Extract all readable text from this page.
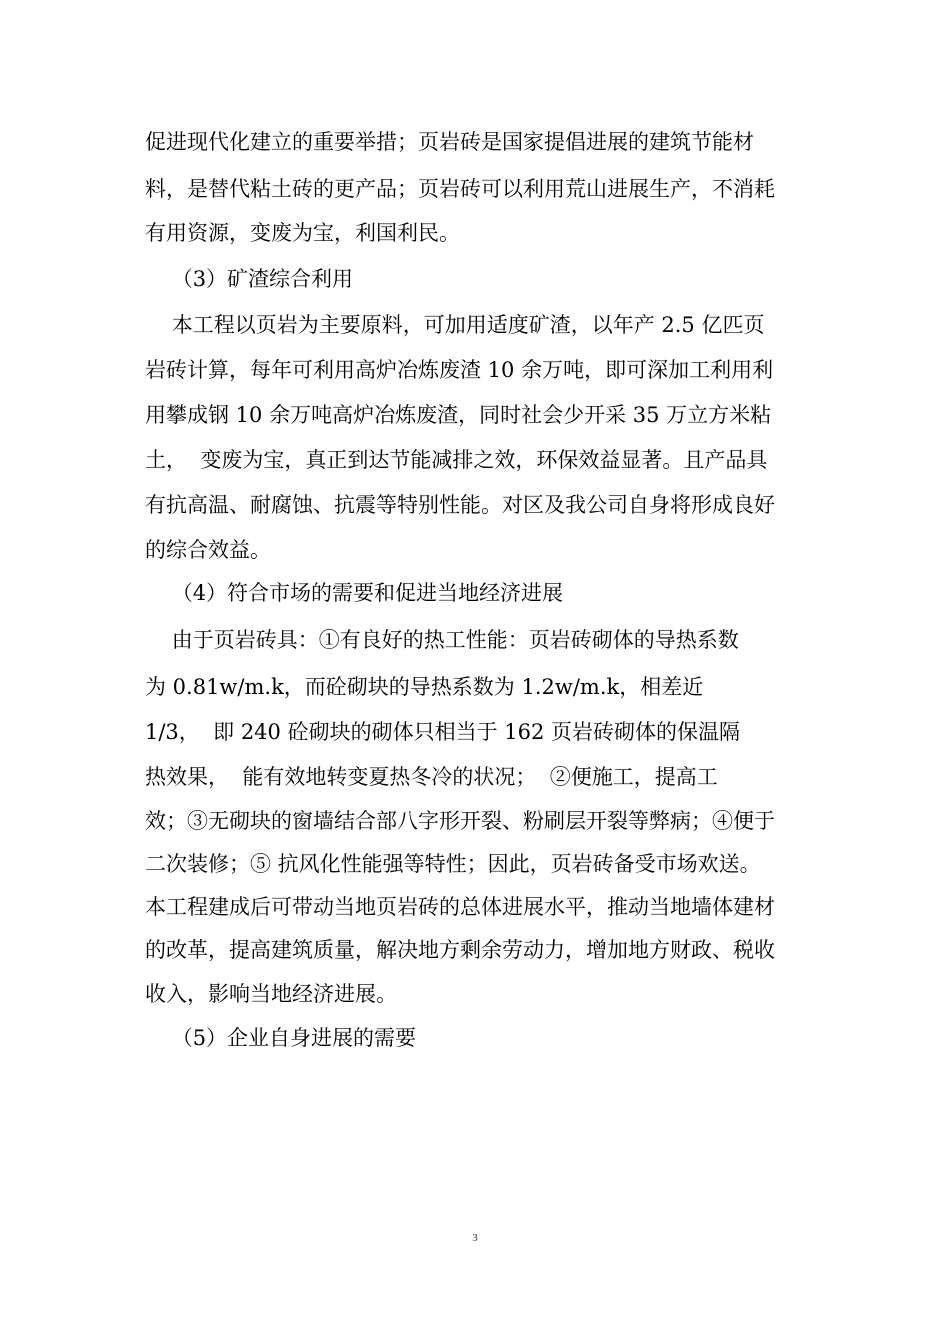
促进现代化建立的重要举措；页岩砖是国家提倡进展的建筑节能材
料，是替代粘土砖的更产品；页岩砖可以利用荒山进展生产，不消耗
有用资源，变废为宝，利国利民。
（3）矿渣综合利用
本工程以页岩为主要原料，可加用适度矿渣，以年产 2.5 亿匹页
岩砖计算，每年可利用高炉冶炼废渣 10 余万吨，即可深加工利用利
用攀成钢 10 余万吨高炉冶炼废渣，同时社会少开采 35 万立方米粘
土，  变废为宝，真正到达节能减排之效，环保效益显著。且产品具
有抗高温、耐腐蚀、抗震等特别性能。对区及我公司自身将形成良好
的综合效益。
（4）符合市场的需要和促进当地经济进展
由于页岩砖具：①有良好的热工性能：页岩砖砌体的导热系数
为 0.81w/m.k，而砼砌块的导热系数为 1.2w/m.k，相差近
1/3，  即 240 砼砌块的砌体只相当于 162 页岩砖砌体的保温隔
热效果，  能有效地转变夏热冬冷的状况；  ②便施工，提高工
效；③无砌块的窗墙结合部八字形开裂、粉刷层开裂等弊病；④便于
二次装修；⑤ 抗风化性能强等特性；因此，页岩砖备受市场欢送。
本工程建成后可带动当地页岩砖的总体进展水平，推动当地墙体建材
的改革，提高建筑质量，解决地方剩余劳动力，增加地方财政、税收
收入，影响当地经济进展。
（5）企业自身进展的需要
3
